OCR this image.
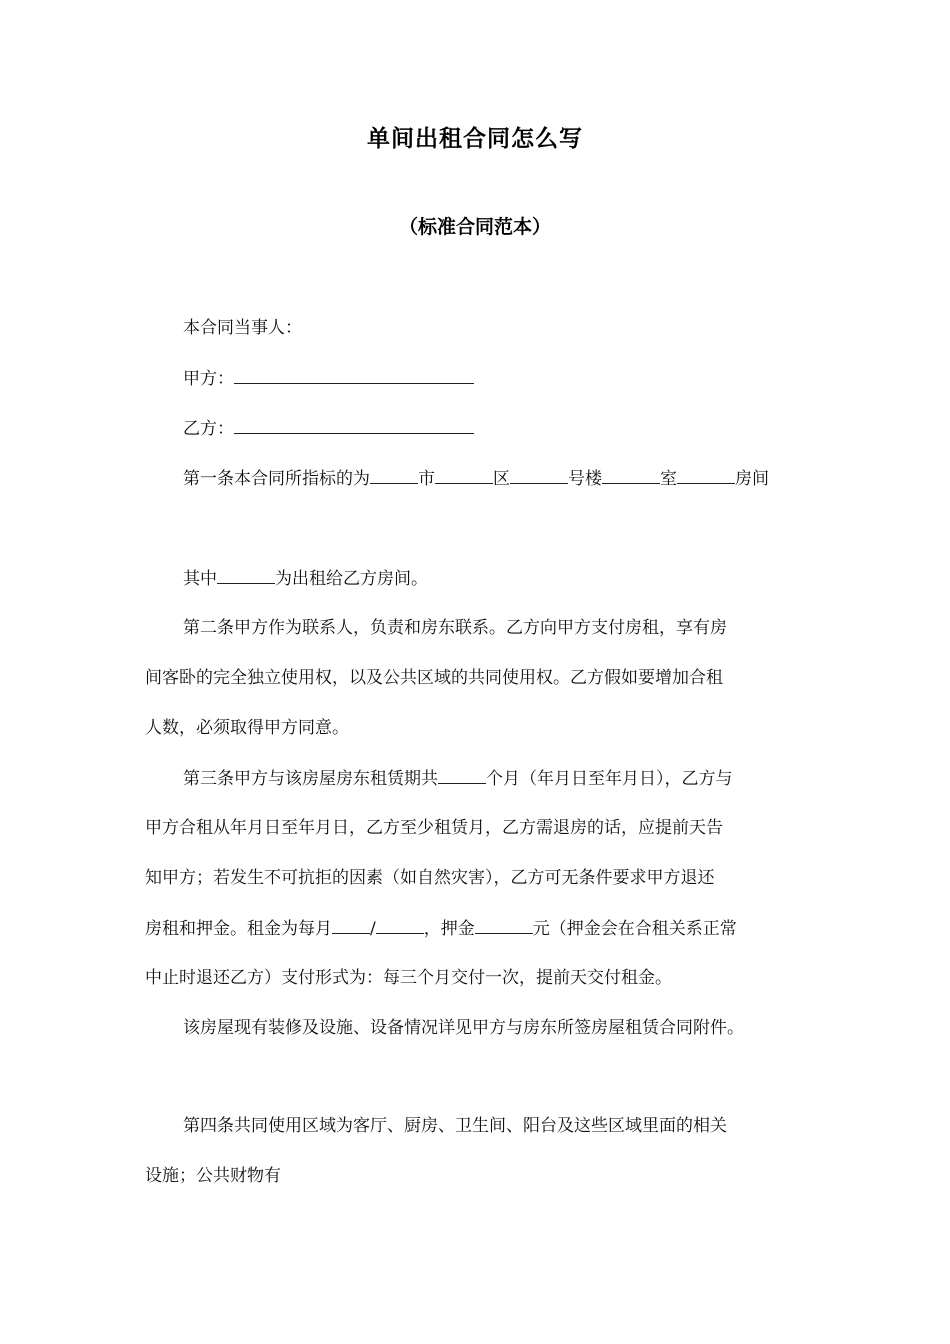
单间出租合同怎么写
（标准合同范本）
本合同当事人：
甲方：
乙方：
第一条本合同所指标的为	市	区	号楼	室	房间
其中	为出租给乙方房间。
第二条甲方作为联系人，负责和房东联系。乙方向甲方支付房租，享有房
间客卧的完全独立使用权，以及公共区域的共同使用权。乙方假如要增加合租
人数，必须取得甲方同意。
第三条甲方与该房屋房东租赁期共	个月（年月日至年月日），乙方与
甲方合租从年月日至年月日，乙方至少租赁月，乙方需退房的话，应提前天告
知甲方；若发生不可抗拒的因素（如自然灾害），乙方可无条件要求甲方退还
房租和押金。租金为每月 /	，押金	元（押金会在合租关系正常
中止时退还乙方）支付形式为：每三个月交付一次，提前天交付租金。
该房屋现有装修及设施、设备情况详见甲方与房东所签房屋租赁合同附件。
第四条共同使用区域为客厅、厨房、卫生间、阳台及这些区域里面的相关
设施；公共财物有
